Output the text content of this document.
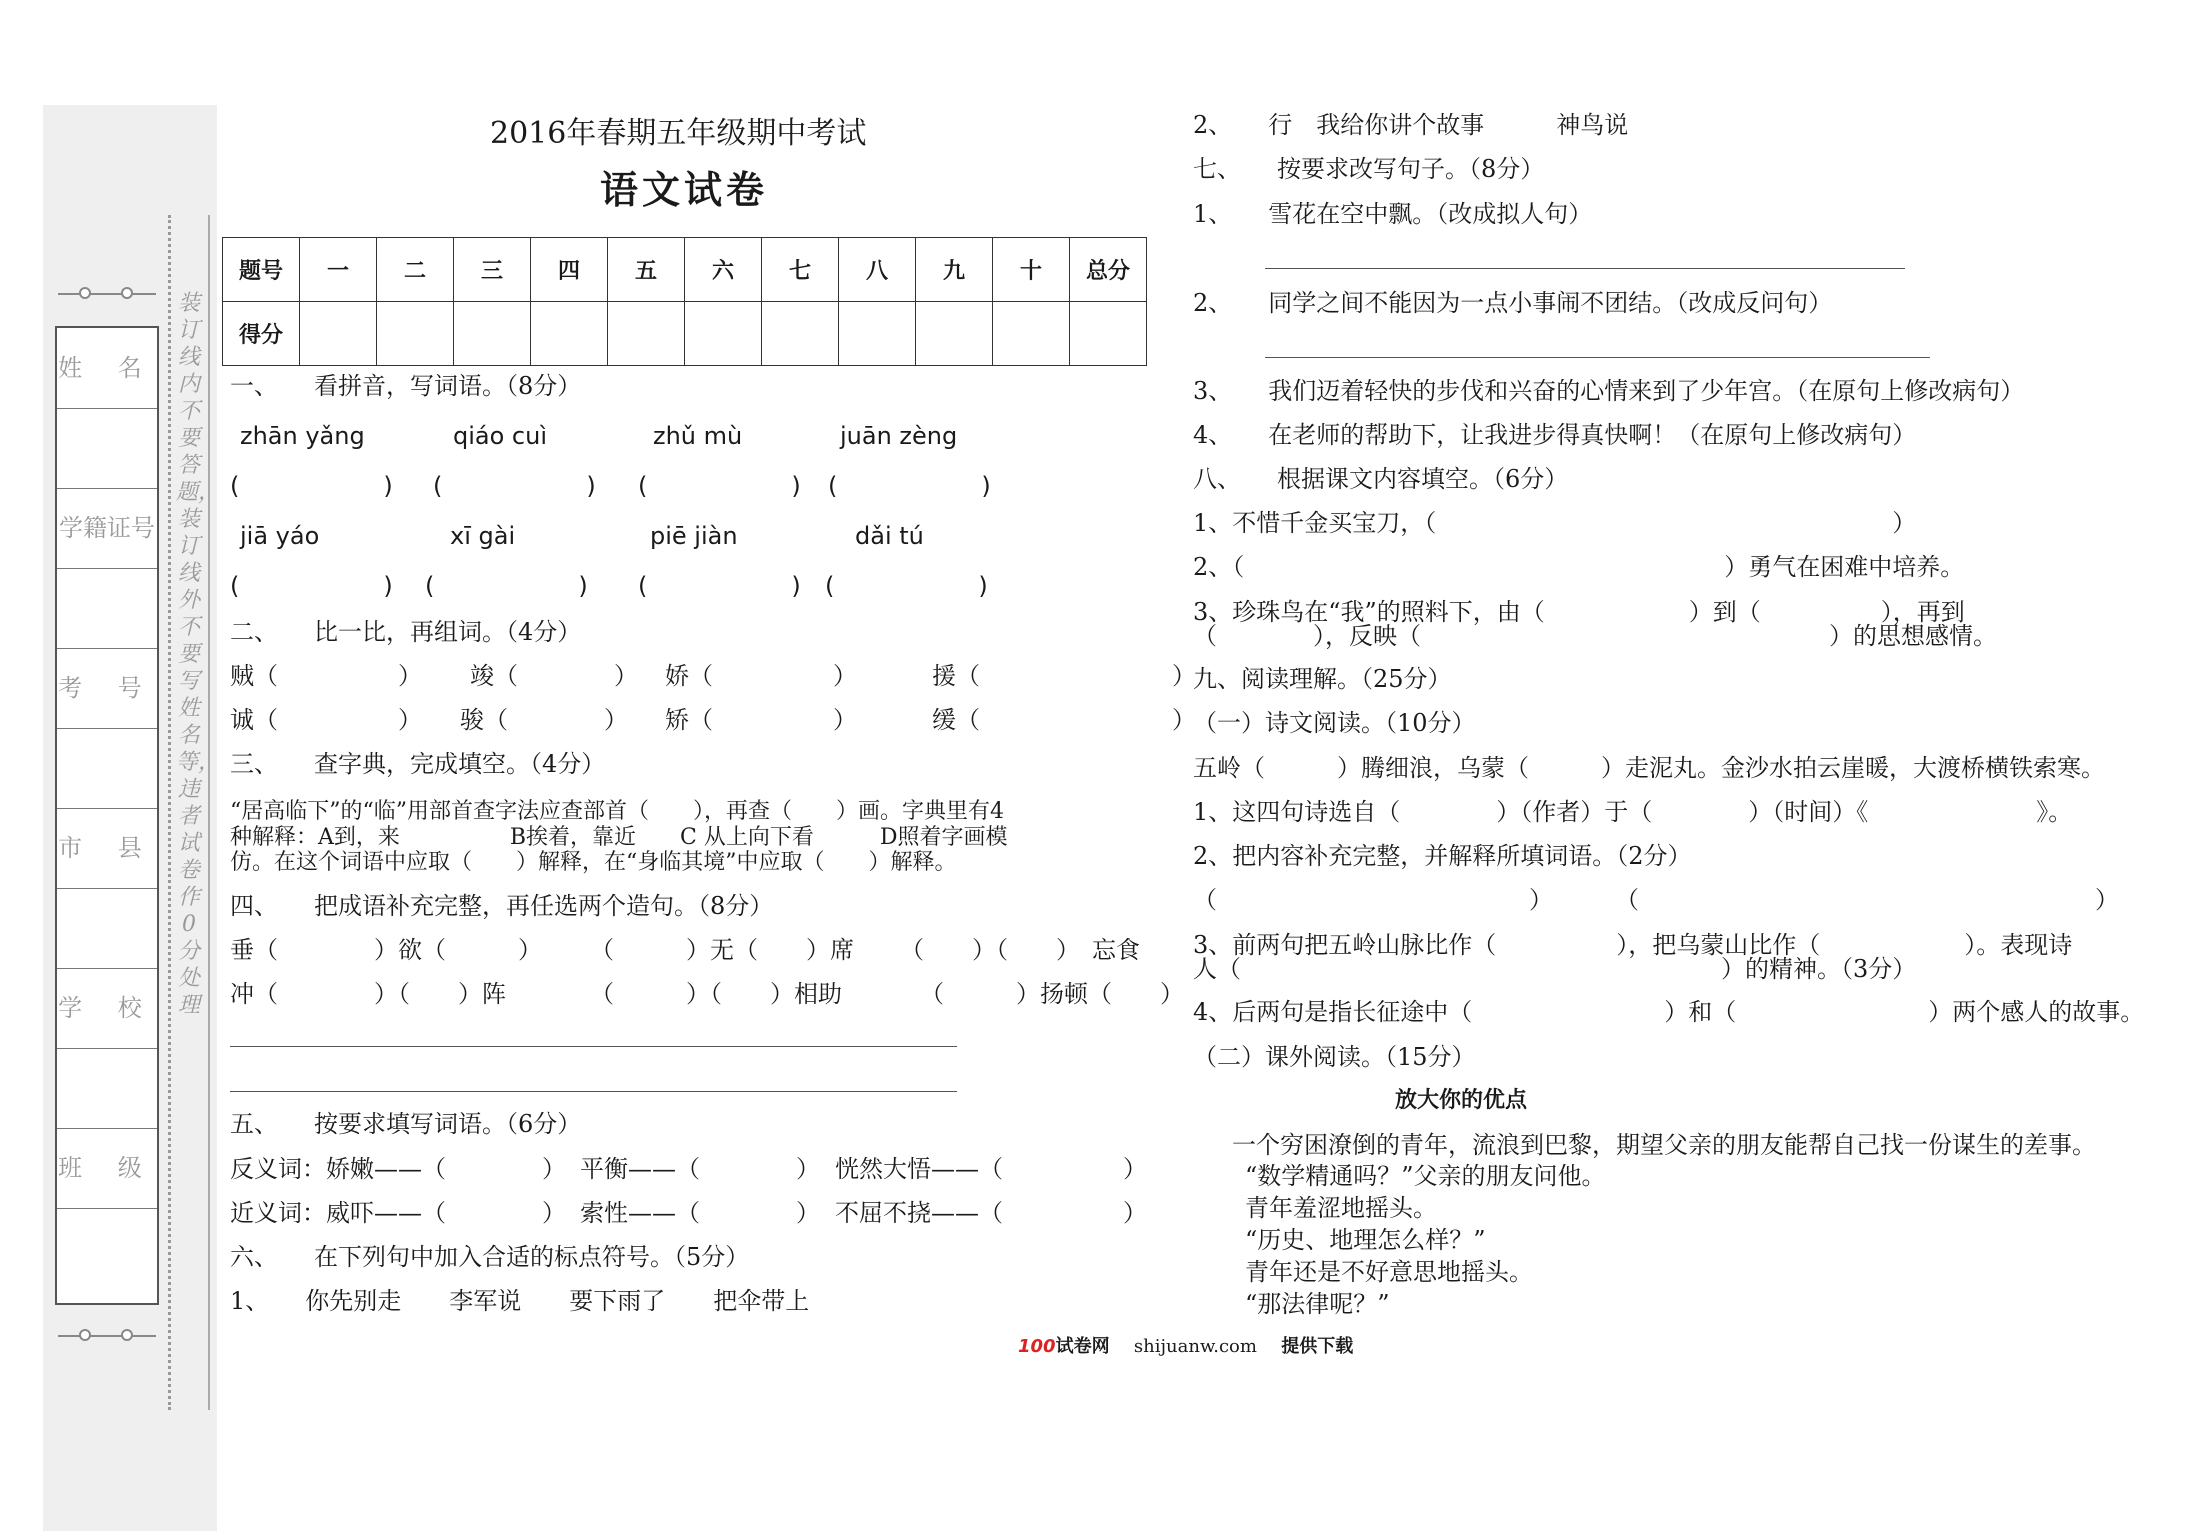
姓 名
学籍证号
考 号
市 县
学 校
班 级
装订线内不要答题，装订线外不要写姓名等，违者试卷作0分处理
2016年春期五年级期中考试
语文试卷
题号	一	二	三	四	五	六	七	八	九	十	总分
得分											
一、　　看拼音，写词语。（8分）
zhān yǎng	qiáo cuì	zhǔ mù	juān zèng
(　　　　　　) (　　　　　　) (　　　　　　) (　　　　　　)
jiā yáo	xī gài	piē jiàn	dǎi tú
(　　　　　　) (　　　　　　) (　　　　　　) (　　　　　　)
二、　　比一比，再组词。（4分）
贼（　　　　　） 竣（　　　　） 娇（　　　　　）	援（　　　　　　　　）
诚（　　　　　） 骏（　　　　） 矫（　　　　　）	缓（　　　　　　　　）
三、　　查字典，完成填空。（4分）
“居高临下”的“临”用部首查字法应查部首（　　），再查（　　）画。字典里有4
种解释：A到，来　　　　　B挨着，靠近　　C 从上向下看　　　D照着字画模
仿。在这个词语中应取（　　）解释，在“身临其境”中应取（　　）解释。
四、　　把成语补充完整，再任选两个造句。（8分）
垂（　　　　）欲（　　　） （　　　）无（　　）席 （　　）（　　）　忘食
冲（　　　　）（　　）阵	（　　　）（　　）相助	（　　　）扬顿（　　）
五、　　按要求填写词语。（6分）
反义词：娇嫩——（　　　　） 平衡——（　　　　） 恍然大悟——（　　　　　）
近义词：威吓——（　　　　） 索性——（　　　　） 不屈不挠——（　　　　　）
六、　　在下列句中加入合适的标点符号。（5分）
1、　　你先别走　　李军说　　要下雨了　　把伞带上
2、　　行　我给你讲个故事　　　神鸟说
七、　　按要求改写句子。（8分）
1、　　雪花在空中飘。（改成拟人句）
2、　　同学之间不能因为一点小事闹不团结。（改成反问句）
3、　　我们迈着轻快的步伐和兴奋的心情来到了少年宫。（在原句上修改病句）
4、　　在老师的帮助下，让我进步得真快啊！（在原句上修改病句）
八、　　根据课文内容填空。（6分）
1、不惜千金买宝刀，（　　　　　　　　　　　　　　　　　　　）
2、（　　　　　　　　　　　　　　　　　　　　）勇气在困难中培养。
3、珍珠鸟在“我”的照料下，由（　　　　　　）到（　　　　　），再到
（　　　　），反映（　　　　　　　　　　　　　　　　　）的思想感情。
九、阅读理解。（25分）
（一）诗文阅读。（10分）
五岭（　　　）腾细浪，乌蒙（　　　）走泥丸。金沙水拍云崖暖，大渡桥横铁索寒。
1、这四句诗选自（　　　　）（作者）于（　　　　）（时间）《　　　　　　　》。
2、把内容补充完整，并解释所填词语。（2分）
（　　　　　　　　　　　　　）	（　　　　　　　　　　　　　　　　　　　）
3、前两句把五岭山脉比作（　　　　　），把乌蒙山比作（　　　　　　）。表现诗
人（　　　　　　　　　　　　　　　　　　　　）的精神。（3分）
4、后两句是指长征途中（　　　　　　　　）和（　　　　　　　　）两个感人的故事。
（二）课外阅读。（15分）
放大你的优点
一个穷困潦倒的青年，流浪到巴黎，期望父亲的朋友能帮自己找一份谋生的差事。
“数学精通吗？”父亲的朋友问他。
青年羞涩地摇头。
“历史、地理怎么样？”
青年还是不好意思地摇头。
“那法律呢？”
100试卷网 shijuanw.com 提供下载
